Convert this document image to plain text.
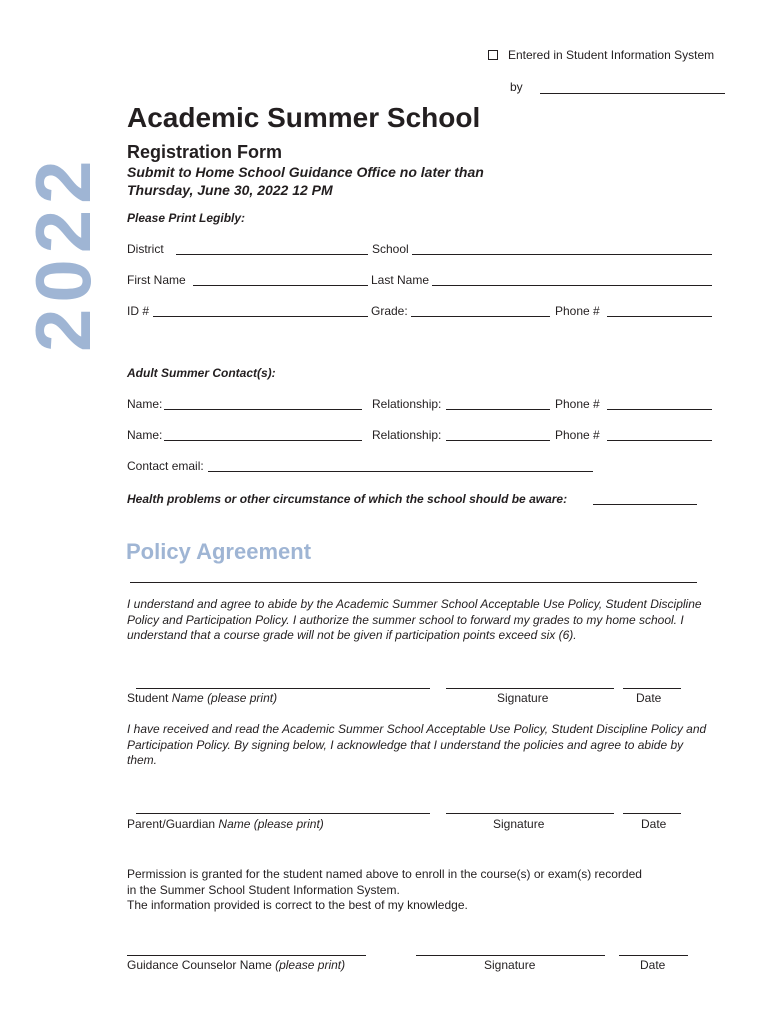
2022
Entered in Student Information System
by
Academic Summer School
Registration Form
Submit to Home School Guidance Office no later than
Thursday, June 30, 2022 12 PM
Please Print Legibly:
District	School
First Name	Last Name
ID #	Grade:	Phone #
Adult Summer Contact(s):
Name:	Relationship:	Phone #
Name:	Relationship:	Phone #
Contact email:
Health problems or other circumstance of which the school should be aware:
Policy Agreement
I understand and agree to abide by the Academic Summer School Acceptable Use Policy, Student Discipline
Policy and Participation Policy. I authorize the summer school to forward my grades to my home school. I
understand that a course grade will not be given if participation points exceed six (6).
Student Name (please print)	Signature	Date
I have received and read the Academic Summer School Acceptable Use Policy, Student Discipline Policy and
Participation Policy. By signing below, I acknowledge that I understand the policies and agree to abide by
them.
Parent/Guardian Name (please print)	Signature	Date
Permission is granted for the student named above to enroll in the course(s) or exam(s) recorded
in the Summer School Student Information System.
The information provided is correct to the best of my knowledge.
Guidance Counselor Name (please print)	Signature	Date
